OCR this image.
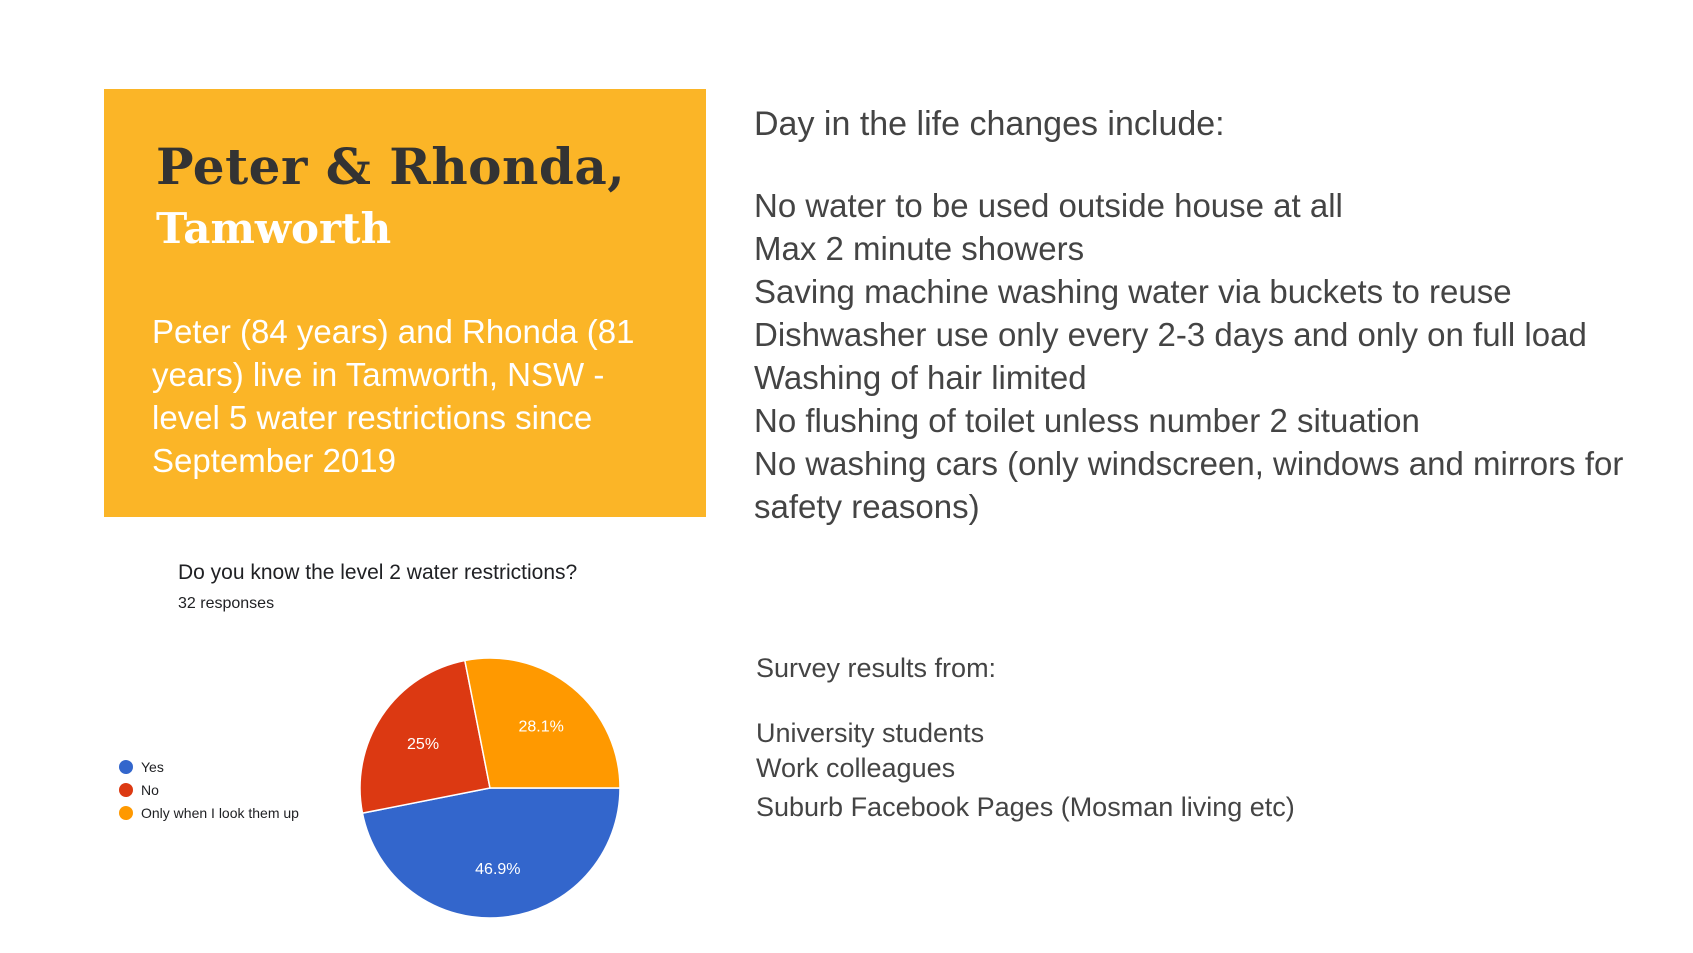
Peter & Rhonda,
Tamworth

Peter (84 years) and Rhonda (81 years) live in Tamworth, NSW - level 5 water restrictions since September 2019

Day in the life changes include:
No water to be used outside house at all
Max 2 minute showers
Saving machine washing water via buckets to reuse
Dishwasher use only every 2-3 days and only on full load
Washing of hair limited
No flushing of toilet unless number 2 situation
No washing cars (only windscreen, windows and mirrors for safety reasons)
Survey results from:
University students
Work colleagues
Suburb Facebook Pages (Mosman living etc)
Do you know the level 2 water restrictions?

32 responses

Yes
No
Only when I look them up
46.9%
25%
28.1%
